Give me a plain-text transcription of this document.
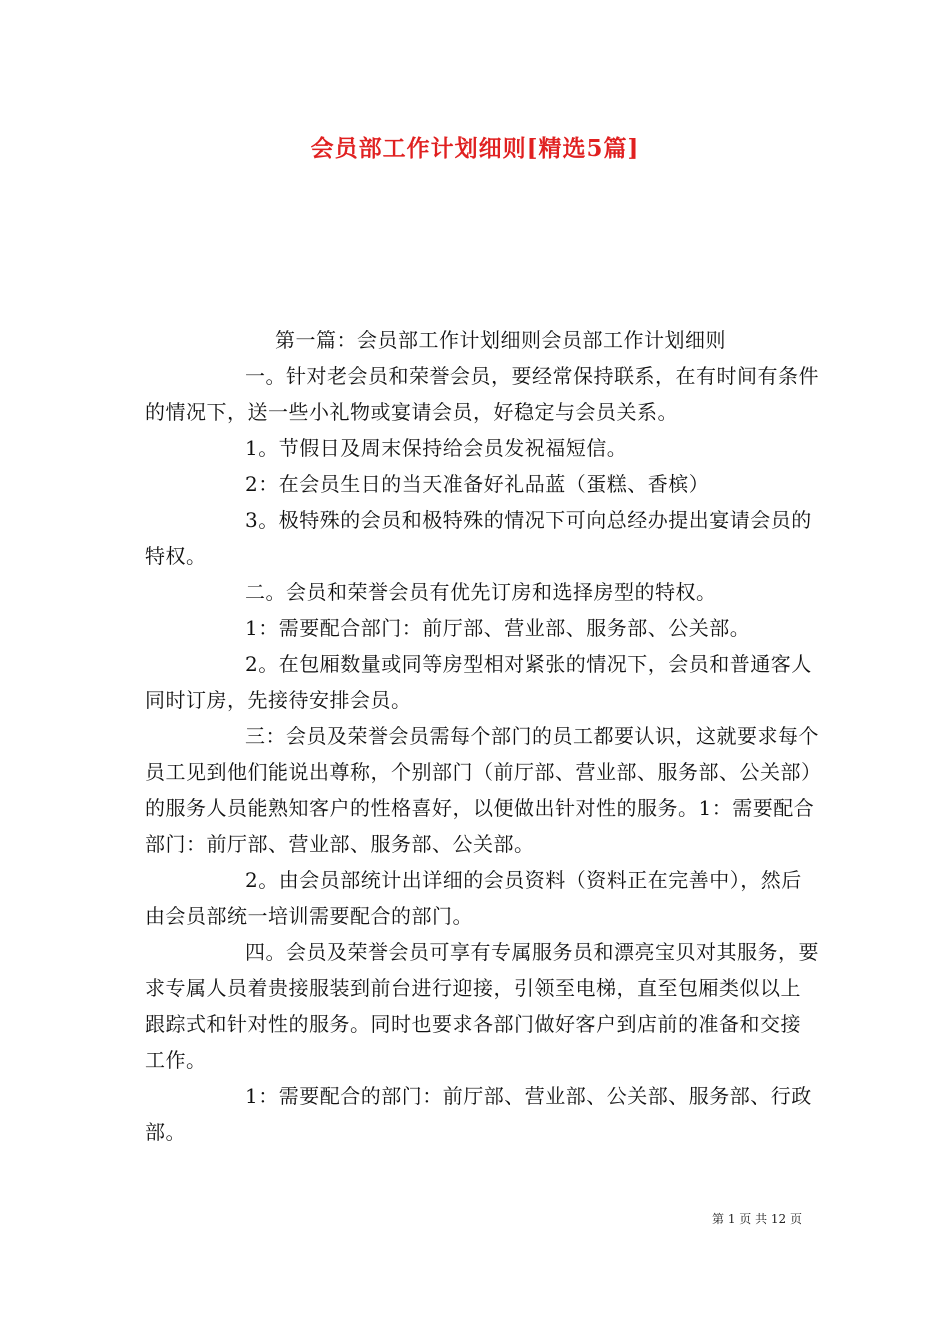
会员部工作计划细则[精选5篇]

第一篇：会员部工作计划细则会员部工作计划细则

一。针对老会员和荣誉会员，要经常保持联系，在有时间有条件的情况下，送一些小礼物或宴请会员，好稳定与会员关系。

1。节假日及周末保持给会员发祝福短信。

2：在会员生日的当天准备好礼品蓝（蛋糕、香槟）

3。极特殊的会员和极特殊的情况下可向总经办提出宴请会员的特权。

二。会员和荣誉会员有优先订房和选择房型的特权。

1：需要配合部门：前厅部、营业部、服务部、公关部。

2。在包厢数量或同等房型相对紧张的情况下，会员和普通客人同时订房，先接待安排会员。

三：会员及荣誉会员需每个部门的员工都要认识，这就要求每个员工见到他们能说出尊称，个别部门（前厅部、营业部、服务部、公关部）的服务人员能熟知客户的性格喜好，以便做出针对性的服务。1：需要配合部门：前厅部、营业部、服务部、公关部。

2。由会员部统计出详细的会员资料（资料正在完善中），然后由会员部统一培训需要配合的部门。

四。会员及荣誉会员可享有专属服务员和漂亮宝贝对其服务，要求专属人员着贵接服装到前台进行迎接，引领至电梯，直至包厢类似以上跟踪式和针对性的服务。同时也要求各部门做好客户到店前的准备和交接工作。

1：需要配合的部门：前厅部、营业部、公关部、服务部、行政部。

第 1 页 共 12 页
